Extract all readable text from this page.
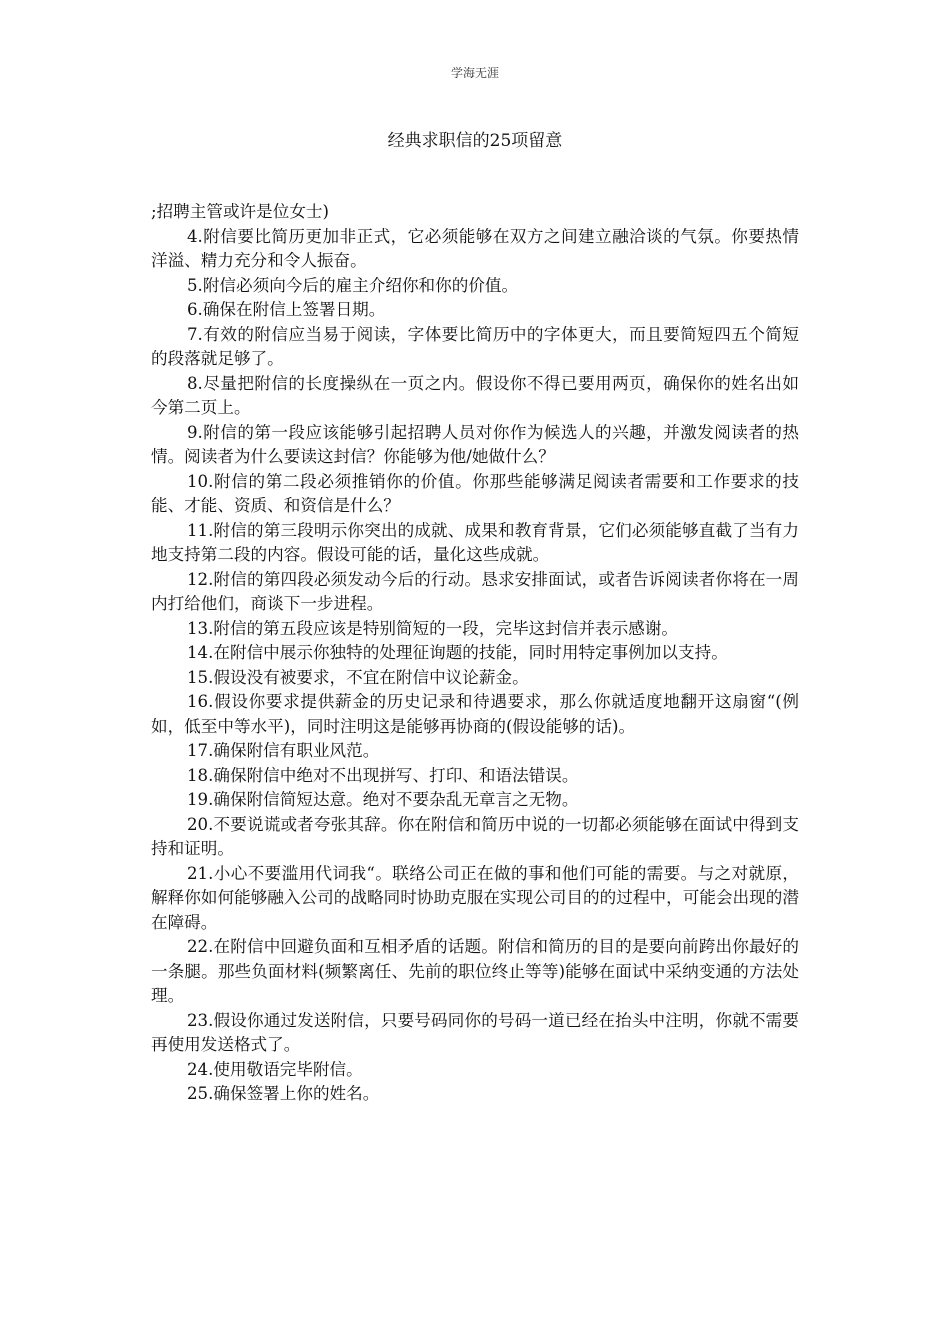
学海无涯
经典求职信的25项留意

;招聘主管或许是位女士)

4.附信要比简历更加非正式，它必须能够在双方之间建立融洽谈的气氛。你要热情洋溢、精力充分和令人振奋。

5.附信必须向今后的雇主介绍你和你的价值。

6.确保在附信上签署日期。

7.有效的附信应当易于阅读，字体要比简历中的字体更大，而且要简短四五个简短的段落就足够了。

8.尽量把附信的长度操纵在一页之内。假设你不得已要用两页，确保你的姓名出如今第二页上。

9.附信的第一段应该能够引起招聘人员对你作为候选人的兴趣，并激发阅读者的热情。阅读者为什么要读这封信？你能够为他/她做什么？

10.附信的第二段必须推销你的价值。你那些能够满足阅读者需要和工作要求的技能、才能、资质、和资信是什么？

11.附信的第三段明示你突出的成就、成果和教育背景，它们必须能够直截了当有力地支持第二段的内容。假设可能的话，量化这些成就。

12.附信的第四段必须发动今后的行动。恳求安排面试，或者告诉阅读者你将在一周内打给他们，商谈下一步进程。

13.附信的第五段应该是特别简短的一段，完毕这封信并表示感谢。

14.在附信中展示你独特的处理征询题的技能，同时用特定事例加以支持。

15.假设没有被要求，不宜在附信中议论薪金。

16.假设你要求提供薪金的历史记录和待遇要求，那么你就适度地翻开这扇窗“(例如，低至中等水平)，同时注明这是能够再协商的(假设能够的话)。

17.确保附信有职业风范。

18.确保附信中绝对不出现拼写、打印、和语法错误。

19.确保附信简短达意。绝对不要杂乱无章言之无物。

20.不要说谎或者夸张其辞。你在附信和简历中说的一切都必须能够在面试中得到支持和证明。

21.小心不要滥用代词我“。联络公司正在做的事和他们可能的需要。与之对就原，解释你如何能够融入公司的战略同时协助克服在实现公司目的的过程中，可能会出现的潜在障碍。

22.在附信中回避负面和互相矛盾的话题。附信和简历的目的是要向前跨出你最好的一条腿。那些负面材料(频繁离任、先前的职位终止等等)能够在面试中采纳变通的方法处理。

23.假设你通过发送附信，只要号码同你的号码一道已经在抬头中注明，你就不需要再使用发送格式了。

24.使用敬语完毕附信。

25.确保签署上你的姓名。
